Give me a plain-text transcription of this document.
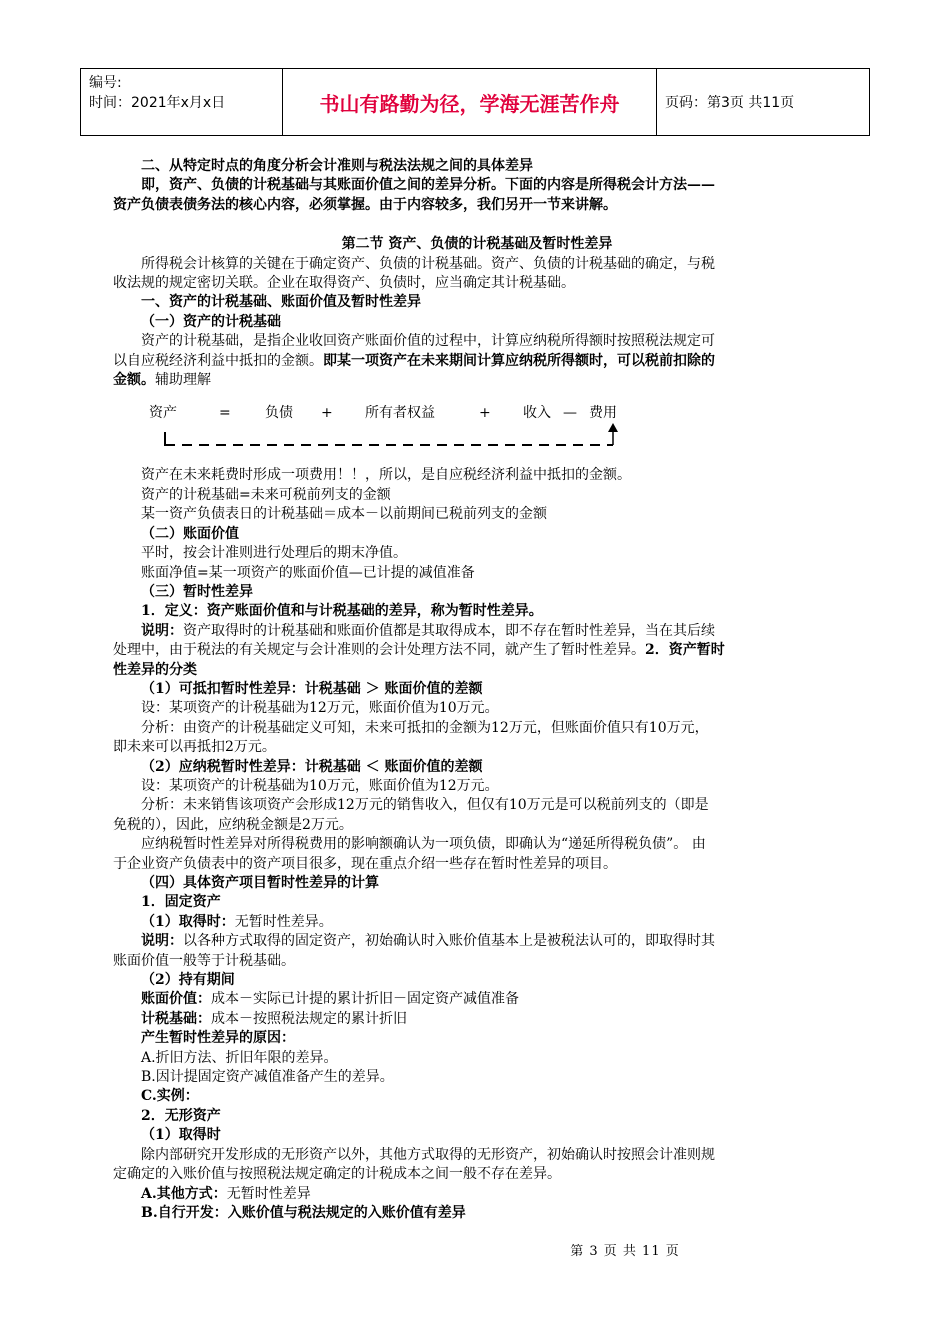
编号:
时间：2021年x月x日	书山有路勤为径，学海无涯苦作舟	页码：第3页 共11页

二、从特定时点的角度分析会计准则与税法法规之间的具体差异

即，资产、负债的计税基础与其账面价值之间的差异分析。下面的内容是所得税会计方法——

资产负债表债务法的核心内容，必须掌握。由于内容较多，我们另开一节来讲解。

第二节 资产、负债的计税基础及暂时性差异

所得税会计核算的关键在于确定资产、负债的计税基础。资产、负债的计税基础的确定，与税

收法规的规定密切关联。企业在取得资产、负债时，应当确定其计税基础。

一、资产的计税基础、账面价值及暂时性差异

（一）资产的计税基础

资产的计税基础，是指企业收回资产账面价值的过程中，计算应纳税所得额时按照税法规定可

以自应税经济利益中抵扣的金额。即某一项资产在未来期间计算应纳税所得额时，可以税前扣除的

金额。辅助理解

资产	= 负债 + 所有者权益	+ 收入 — 费用

资产在未来耗费时形成一项费用！！，所以，是自应税经济利益中抵扣的金额。

资产的计税基础=未来可税前列支的金额

某一资产负债表日的计税基础＝成本－以前期间已税前列支的金额

（二）账面价值

平时，按会计准则进行处理后的期末净值。

账面净值=某一项资产的账面价值—已计提的减值准备

（三）暂时性差异

1．定义：资产账面价值和与计税基础的差异，称为暂时性差异。

说明：资产取得时的计税基础和账面价值都是其取得成本，即不存在暂时性差异，当在其后续

处理中，由于税法的有关规定与会计准则的会计处理方法不同，就产生了暂时性差异。2．资产暂时

性差异的分类

（1）可抵扣暂时性差异：计税基础 ＞ 账面价值的差额

设：某项资产的计税基础为12万元，账面价值为10万元。

分析：由资产的计税基础定义可知，未来可抵扣的金额为12万元，但账面价值只有10万元，

即未来可以再抵扣2万元。

（2）应纳税暂时性差异：计税基础 ＜ 账面价值的差额

设：某项资产的计税基础为10万元，账面价值为12万元。

分析：未来销售该项资产会形成12万元的销售收入，但仅有10万元是可以税前列支的（即是

免税的），因此，应纳税金额是2万元。

应纳税暂时性差异对所得税费用的影响额确认为一项负债，即确认为“递延所得税负债”。 由

于企业资产负债表中的资产项目很多，现在重点介绍一些存在暂时性差异的项目。

（四）具体资产项目暂时性差异的计算

1．固定资产

（1）取得时：无暂时性差异。

说明：以各种方式取得的固定资产，初始确认时入账价值基本上是被税法认可的，即取得时其

账面价值一般等于计税基础。

（2）持有期间

账面价值：成本－实际已计提的累计折旧－固定资产减值准备

计税基础：成本－按照税法规定的累计折旧

产生暂时性差异的原因：

A.折旧方法、折旧年限的差异。

B.因计提固定资产减值准备产生的差异。

C.实例：

2．无形资产

（1）取得时

除内部研究开发形成的无形资产以外，其他方式取得的无形资产，初始确认时按照会计准则规

定确定的入账价值与按照税法规定确定的计税成本之间一般不存在差异。

A.其他方式：无暂时性差异

B.自行开发：入账价值与税法规定的入账价值有差异

第 3 页 共 11 页
